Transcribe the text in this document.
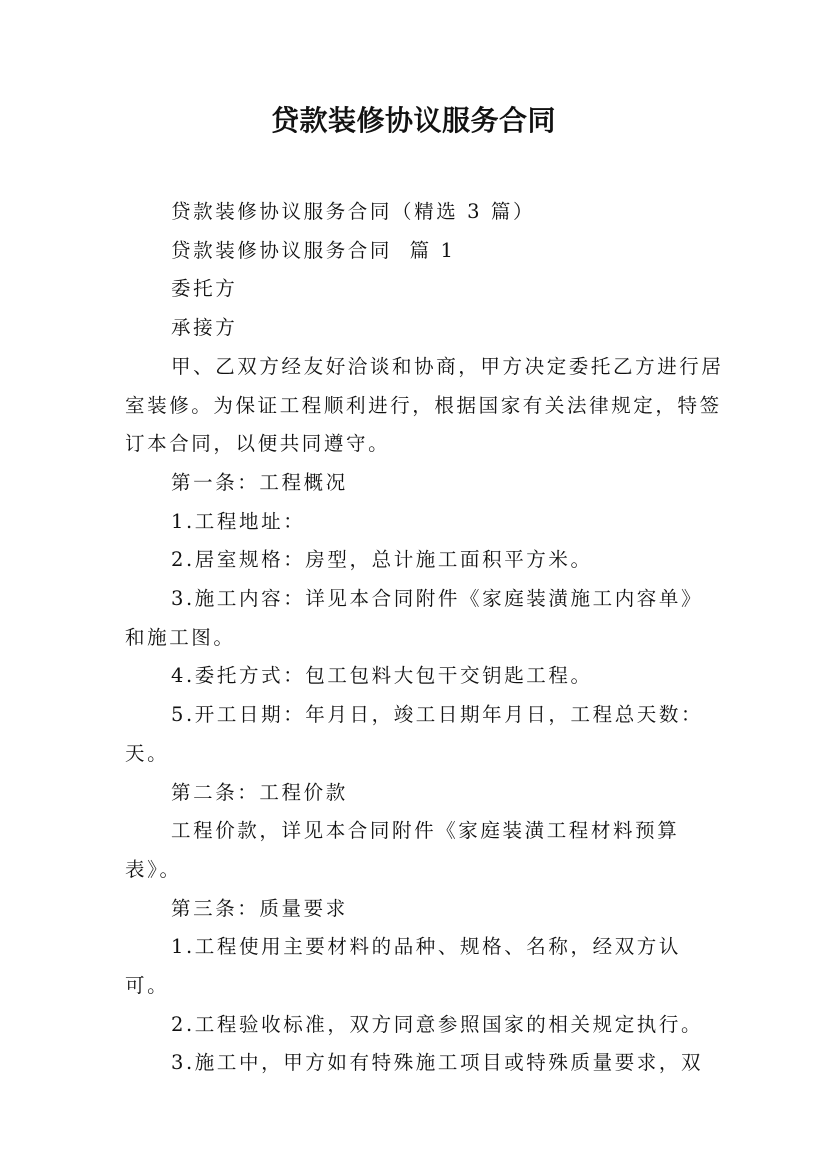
贷款装修协议服务合同

贷款装修协议服务合同（精选 3 篇）

贷款装修协议服务合同  篇 1

委托方

承接方

甲、乙双方经友好洽谈和协商，甲方决定委托乙方进行居室装修。为保证工程顺利进行，根据国家有关法律规定，特签订本合同，以便共同遵守。

第一条：工程概况

1.工程地址：

2.居室规格：房型，总计施工面积平方米。

3.施工内容：详见本合同附件《家庭装潢施工内容单》和施工图。

4.委托方式：包工包料大包干交钥匙工程。

5.开工日期：年月日，竣工日期年月日，工程总天数：天。

第二条：工程价款

工程价款，详见本合同附件《家庭装潢工程材料预算表》。

第三条：质量要求

1.工程使用主要材料的品种、规格、名称，经双方认可。

2.工程验收标准，双方同意参照国家的相关规定执行。

3.施工中，甲方如有特殊施工项目或特殊质量要求，双
